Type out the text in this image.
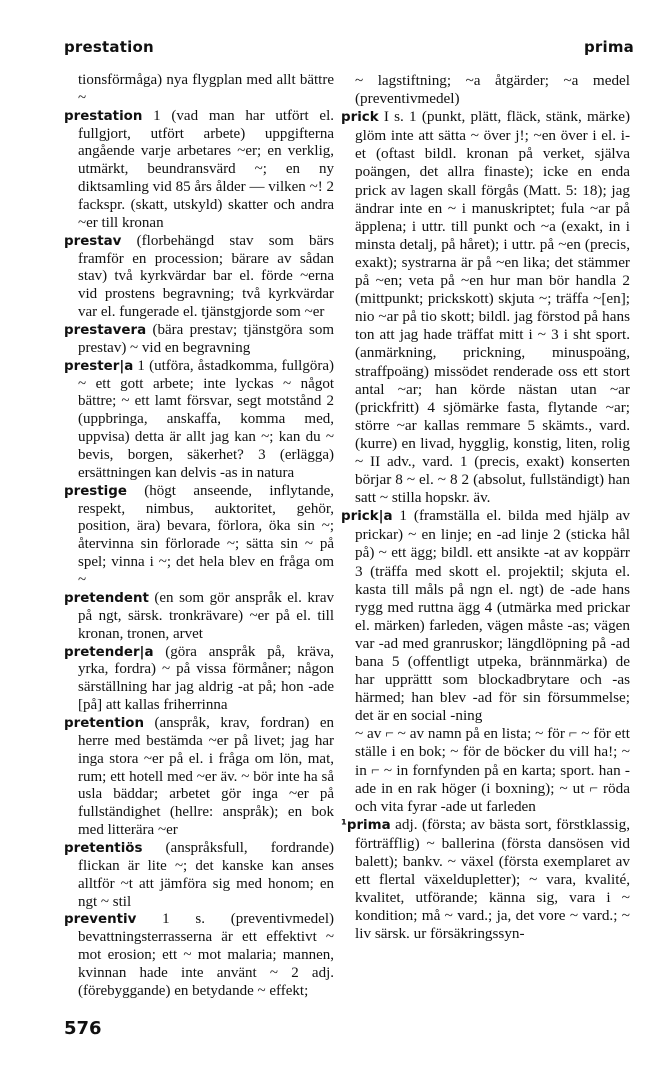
prestation	prima

tionsförmåga) nya flygplan med allt bättre ~

prestation 1 (vad man har utfört el. fullgjort, utfört arbete) uppgifterna angående varje arbetares ~er; en verklig, utmärkt, beundransvärd ~; en ny diktsamling vid 85 års ålder — vilken ~! 2 fackspr. (skatt, utskyld) skatter och andra ~er till kronan

prestav (florbehängd stav som bärs framför en procession; bärare av sådan stav) två kyrkvärdar bar el. förde ~erna vid prostens begravning; två kyrkvärdar var el. fungerade el. tjänstgjorde som ~er

prestavera (bära prestav; tjänstgöra som prestav) ~ vid en begravning

prester|a 1 (utföra, åstadkomma, fullgöra) ~ ett gott arbete; inte lyckas ~ något bättre; ~ ett lamt försvar, segt motstånd 2 (uppbringa, anskaffa, komma med, uppvisa) detta är allt jag kan ~; kan du ~ bevis, borgen, säkerhet? 3 (erlägga) ersättningen kan delvis -as in natura

prestige (högt anseende, inflytande, respekt, nimbus, auktoritet, gehör, position, ära) bevara, förlora, öka sin ~; återvinna sin förlorade ~; sätta sin ~ på spel; vinna i ~; det hela blev en fråga om ~

pretendent (en som gör anspråk el. krav på ngt, särsk. tronkrävare) ~er på el. till kronan, tronen, arvet

pretender|a (göra anspråk på, kräva, yrka, fordra) ~ på vissa förmåner; någon särställning har jag aldrig -at på; hon -ade [på] att kallas friherrinna

pretention (anspråk, krav, fordran) en herre med bestämda ~er på livet; jag har inga stora ~er på el. i fråga om lön, mat, rum; ett hotell med ~er äv. ~ bör inte ha så usla bäddar; arbetet gör inga ~er på fullständighet (hellre: anspråk); en bok med litterära ~er

pretentiös (anspråksfull, fordrande) flickan är lite ~; det kanske kan anses alltför ~t att jämföra sig med honom; en ngt ~ stil

preventiv 1 s. (preventivmedel) bevattningsterrasserna är ett effektivt ~ mot erosion; ett ~ mot malaria; mannen, kvinnan hade inte använt ~ 2 adj. (förebyggande) en betydande ~ effekt;

~ lagstiftning; ~a åtgärder; ~a medel (preventivmedel)

prick I s. 1 (punkt, plätt, fläck, stänk, märke) glöm inte att sätta ~ över j!; ~en över i el. i-et (oftast bildl. kronan på verket, själva poängen, det allra finaste); icke en enda prick av lagen skall förgås (Matt. 5: 18); jag ändrar inte en ~ i manuskriptet; fula ~ar på äpplena; i uttr. till punkt och ~a (exakt, in i minsta detalj, på håret); i uttr. på ~en (precis, exakt); systrarna är på ~en lika; det stämmer på ~en; veta på ~en hur man bör handla 2 (mittpunkt; prickskott) skjuta ~; träffa ~[en]; nio ~ar på tio skott; bildl. jag förstod på hans ton att jag hade träffat mitt i ~ 3 i sht sport. (anmärkning, prickning, minuspoäng, straffpoäng) missödet renderade oss ett stort antal ~ar; han körde nästan utan ~ar (prickfritt) 4 sjömärke fasta, flytande ~ar; större ~ar kallas remmare 5 skämts., vard. (kurre) en livad, hygglig, konstig, liten, rolig ~ II adv., vard. 1 (precis, exakt) konserten börjar 8 ~ el. ~ 8 2 (absolut, fullständigt) han satt ~ stilla hopskr. äv.

prick|a 1 (framställa el. bilda med hjälp av prickar) ~ en linje; en -ad linje 2 (sticka hål på) ~ ett ägg; bildl. ett ansikte -at av koppärr 3 (träffa med skott el. projektil; skjuta el. kasta till måls på ngn el. ngt) de -ade hans rygg med ruttna ägg 4 (utmärka med prickar el. märken) farleden, vägen måste -as; vägen var -ad med granruskor; längdlöpning på -ad bana 5 (offentligt utpeka, brännmärka) de har upprättt som blockadbrytare och -as härmed; han blev -ad för sin försummelse; det är en social -ning

~ av ⌐ ~ av namn på en lista; ~ för ⌐ ~ för ett ställe i en bok; ~ för de böcker du vill ha!; ~ in ⌐ ~ in fornfynden på en karta; sport. han -ade in en rak höger (i boxning); ~ ut ⌐ röda och vita fyrar -ade ut farleden

¹prima adj. (första; av bästa sort, förstklassig, förträfflig) ~ ballerina (första dansösen vid balett); bankv. ~ växel (första exemplaret av ett flertal växeldupletter); ~ vara, kvalité, kvalitet, utförande; känna sig, vara i ~ kondition; må ~ vard.; ja, det vore ~ vard.; ~ liv särsk. ur försäkringssyn-

576
